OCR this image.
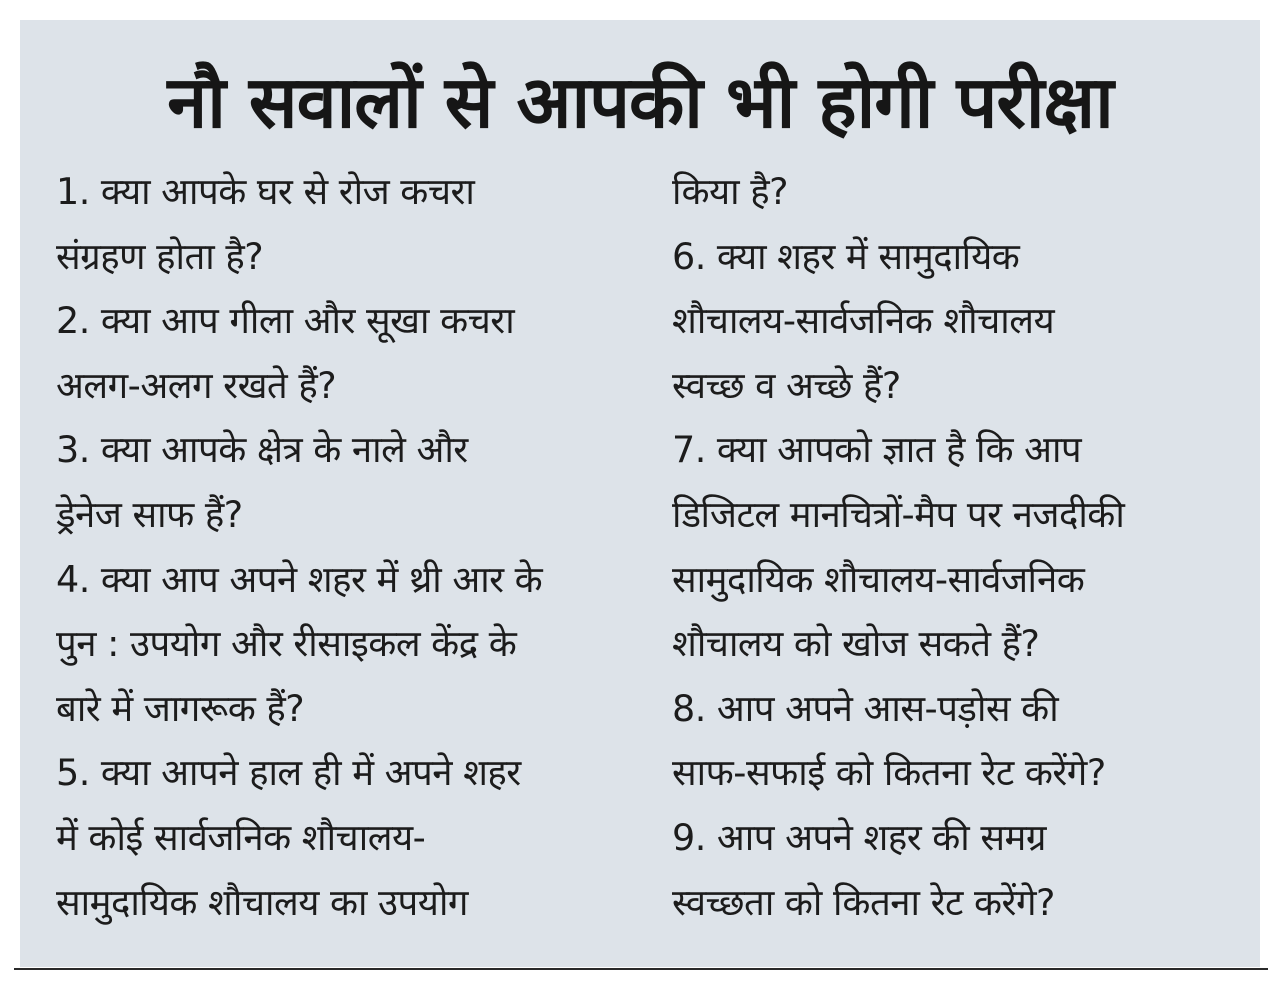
नौ सवालों से आपकी भी होगी परीक्षा
1. क्या आपके घर से रोज कचरा
संग्रहण होता है?
2. क्या आप गीला और सूखा कचरा
अलग-अलग रखते हैं?
3. क्या आपके क्षेत्र के नाले और
ड्रेनेज साफ हैं?
4. क्या आप अपने शहर में थ्री आर के
पुन : उपयोग और रीसाइकल केंद्र के
बारे में जागरूक हैं?
5. क्या आपने हाल ही में अपने शहर
में कोई सार्वजनिक शौचालय-
सामुदायिक शौचालय का उपयोग
किया है?
6. क्या शहर में सामुदायिक
शौचालय-सार्वजनिक शौचालय
स्वच्छ व अच्छे हैं?
7. क्या आपको ज्ञात है कि आप
डिजिटल मानचित्रों-मैप पर नजदीकी
सामुदायिक शौचालय-सार्वजनिक
शौचालय को खोज सकते हैं?
8. आप अपने आस-पड़ोस की
साफ-सफाई को कितना रेट करेंगे?
9. आप अपने शहर की समग्र
स्वच्छता को कितना रेट करेंगे?
